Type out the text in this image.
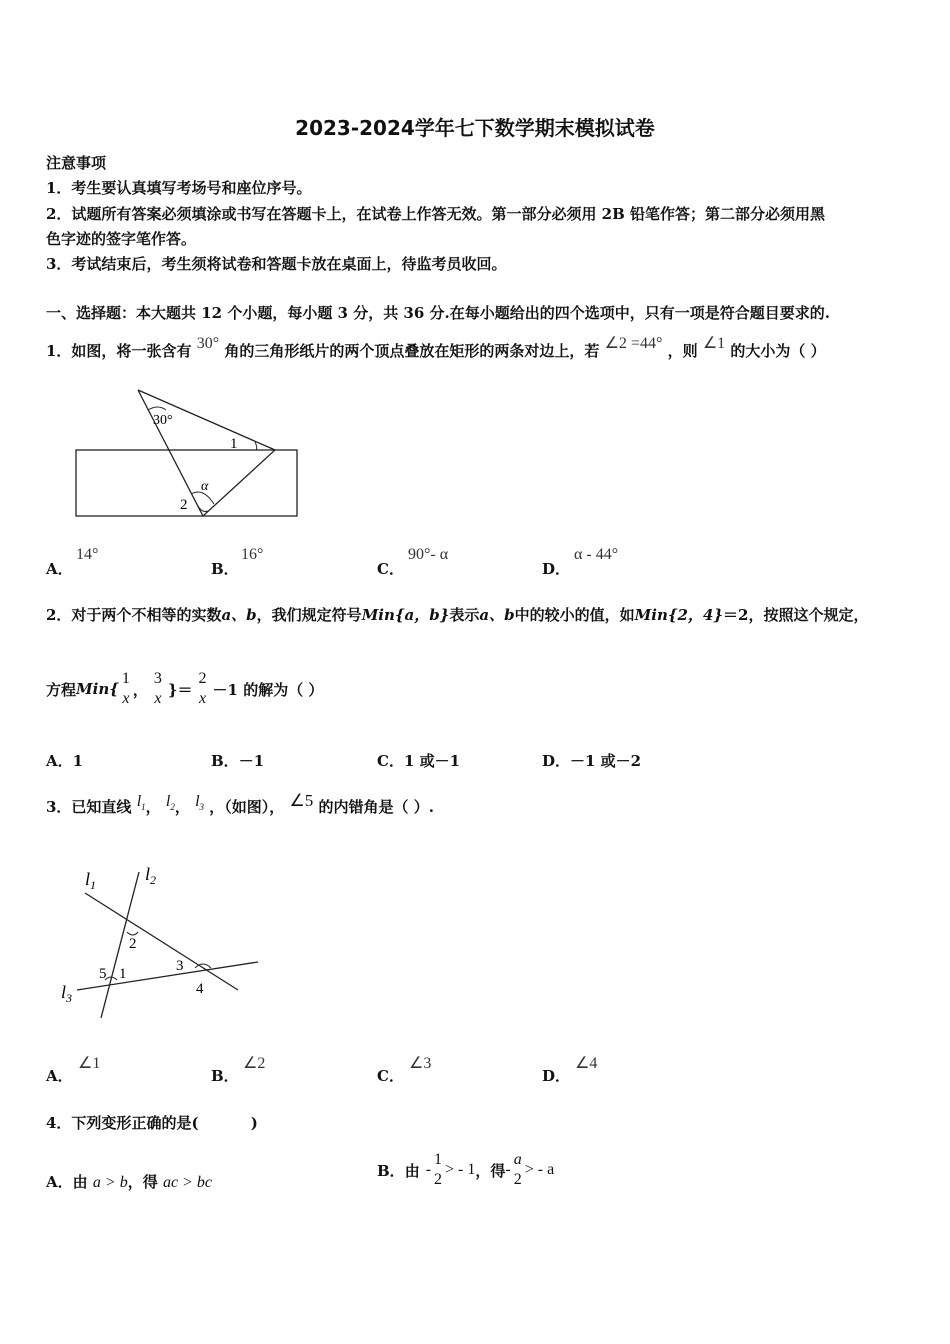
2023-2024学年七下数学期末模拟试卷
注意事项
1．考生要认真填写考场号和座位序号。
2．试题所有答案必须填涂或书写在答题卡上，在试卷上作答无效。第一部分必须用 2B 铅笔作答；第二部分必须用黑
色字迹的签字笔作答。
3．考试结束后，考生须将试卷和答题卡放在桌面上，待监考员收回。
一、选择题：本大题共 12 个小题，每小题 3 分，共 36 分.在每小题给出的四个选项中，只有一项是符合题目要求的.
1．如图，将一张含有 30° 角的三角形纸片的两个顶点叠放在矩形的两条对边上，若 ∠2 =44° ，则 ∠1 的大小为（ ）
30°
1
2
α
A．
14°
B．
16°
C．
90°- α
D．
α - 44°
2．对于两个不相等的实数a、b，我们规定符号Min{a，b}表示a、b中的较小的值，如Min{2，4}＝2，按照这个规定，
方程 Min{
1
x ，
3
x }＝
2
x －1 的解为（ ）
A．1	B．－1	C．1 或－1	D．－1 或－2
3．已知直线 $l_1$， $l_2$， $l_3$ ，（如图）， ∠5 的内错角是（ ）.
$l_1$
$l_2$
$l_3$
2
5 1	3
4
A．
∠1
B．
∠2
C．
∠3
D．
∠4
4．下列变形正确的是(          )
A．由 a > b，得 ac > bc
B． 由 -
1
2
> - 1 ，得 -
a
2
> - a
